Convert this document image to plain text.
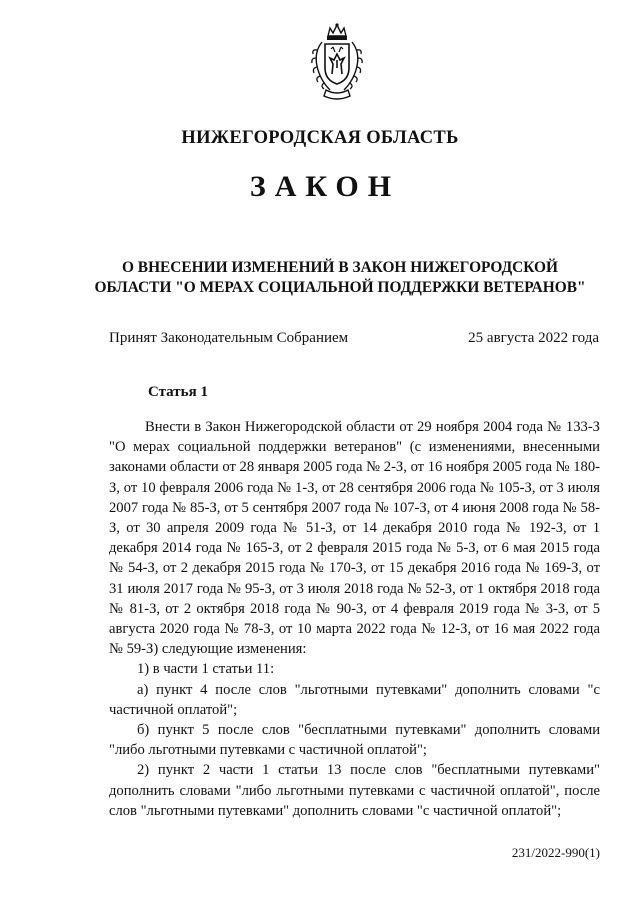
НИЖЕГОРОДСКАЯ ОБЛАСТЬ
ЗАКОН
О ВНЕСЕНИИ ИЗМЕНЕНИЙ В ЗАКОН НИЖЕГОРОДСКОЙ
ОБЛАСТИ "О МЕРАХ СОЦИАЛЬНОЙ ПОДДЕРЖКИ ВЕТЕРАНОВ"
Принят Законодательным Собранием	25 августа 2022 года
Статья 1

Внести в Закон Нижегородской области от 29 ноября 2004 года № 133-З "О мерах социальной поддержки ветеранов" (с изменениями, внесенными законами области от 28 января 2005 года № 2-З, от 16 ноября 2005 года № 180-З, от 10 февраля 2006 года № 1-З, от 28 сентября 2006 года № 105-З, от 3 июля 2007 года № 85-З, от 5 сентября 2007 года № 107-З, от 4 июня 2008 года № 58-З, от 30 апреля 2009 года № 51-З, от 14 декабря 2010 года № 192-З, от 1 декабря 2014 года № 165-З, от 2 февраля 2015 года № 5-З, от 6 мая 2015 года № 54-З, от 2 декабря 2015 года № 170-З, от 15 декабря 2016 года № 169-З, от 31 июля 2017 года № 95-З, от 3 июля 2018 года № 52-З, от 1 октября 2018 года № 81-З, от 2 октября 2018 года № 90-З, от 4 февраля 2019 года № 3-З, от 5 августа 2020 года № 78-З, от 10 марта 2022 года № 12-З, от 16 мая 2022 года № 59-З) следующие изменения:

1) в части 1 статьи 11:

а) пункт 4 после слов "льготными путевками" дополнить словами "с частичной оплатой";

б) пункт 5 после слов "бесплатными путевками" дополнить словами "либо льготными путевками с частичной оплатой";

2) пункт 2 части 1 статьи 13 после слов "бесплатными путевками" дополнить словами "либо льготными путевками с частичной оплатой", после слов "льготными путевками" дополнить словами "с частичной оплатой";

231/2022-990(1)
